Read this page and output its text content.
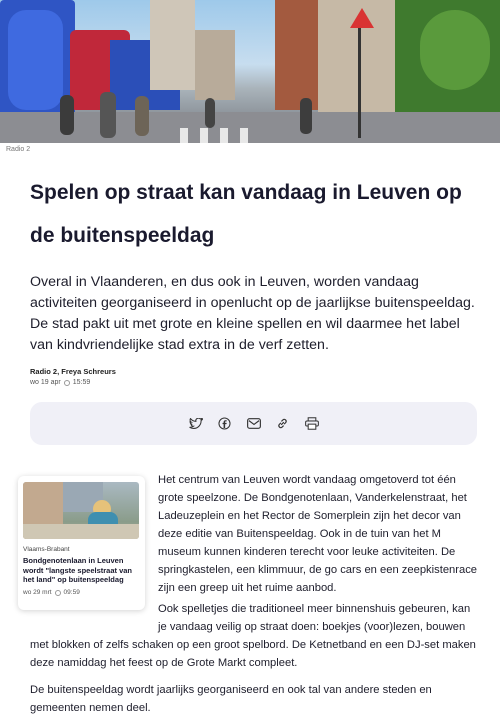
Radio 2
Spelen op straat kan vandaag in Leuven op de buitenspeeldag

Overal in Vlaanderen, en dus ook in Leuven, worden vandaag activiteiten georganiseerd in openlucht op de jaarlijkse buitenspeeldag. De stad pakt uit met grote en kleine spellen en wil daarmee het label van kindvriendelijke stad extra in de verf zetten.

Radio 2, Freya Schreurs
wo 19 apr 15:59
Vlaams-Brabant
Bondgenotenlaan in Leuven wordt "langste speelstraat van het land" op buitenspeeldag
wo 29 mrt 09:59

Het centrum van Leuven wordt vandaag omgetoverd tot één grote speelzone. De Bondgenotenlaan, Vanderkelenstraat, het Ladeuzeplein en het Rector de Somerplein zijn het decor van deze editie van Buitenspeeldag. Ook in de tuin van het M museum kunnen kinderen terecht voor leuke activiteiten. De springkastelen, een klimmuur, de go cars en een zeepkistenrace zijn een greep uit het ruime aanbod.

Ook spelletjes die traditioneel meer binnenshuis gebeuren, kan je vandaag veilig op straat doen: boekjes (voor)lezen, bouwen

met blokken of zelfs schaken op een groot spelbord. De Ketnetband en een DJ-set maken deze namiddag het feest op de Grote Markt compleet.

De buitenspeeldag wordt jaarlijks georganiseerd en ook tal van andere steden en gemeenten nemen deel.
